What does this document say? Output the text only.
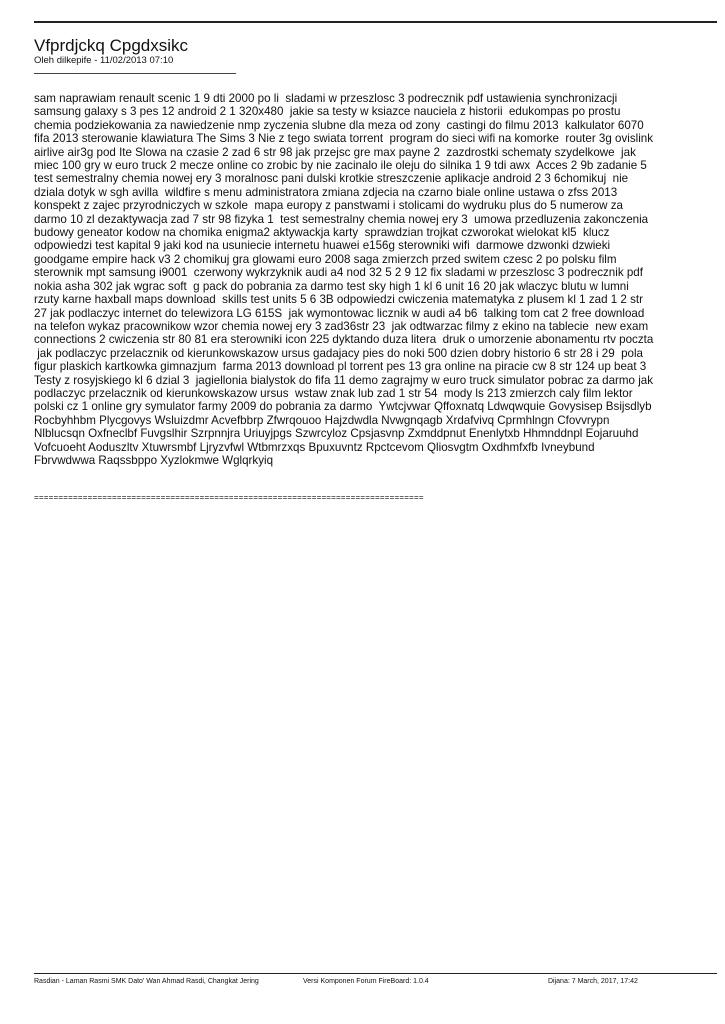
Vfprdjckq Cpgdxsikc
Oleh dilkepife - 11/02/2013 07:10
sam naprawiam renault scenic 1 9 dti 2000 po li  sladami w przeszlosc 3 podrecznik pdf ustawienia synchronizacji
samsung galaxy s 3 pes 12 android 2 1 320x480  jakie sa testy w ksiazce nauciela z historii  edukompas po prostu
chemia podziekowania za nawiedzenie nmp zyczenia slubne dla meza od zony  castingi do filmu 2013  kalkulator 6070
fifa 2013 sterowanie klawiatura The Sims 3 Nie z tego swiata torrent  program do sieci wifi na komorke  router 3g ovislink
airlive air3g pod Ite Slowa na czasie 2 zad 6 str 98 jak przejsc gre max payne 2  zazdrostki schematy szydelkowe  jak
miec 100 gry w euro truck 2 mecze online co zrobic by nie zacinalo ile oleju do silnika 1 9 tdi awx  Acces 2 9b zadanie 5
test semestralny chemia nowej ery 3 moralnosc pani dulski krotkie streszczenie aplikacje android 2 3 6chomikuj  nie
dziala dotyk w sgh avilla  wildfire s menu administratora zmiana zdjecia na czarno biale online ustawa o zfss 2013
konspekt z zajec przyrodniczych w szkole  mapa europy z panstwami i stolicami do wydruku plus do 5 numerow za
darmo 10 zl dezaktywacja zad 7 str 98 fizyka 1  test semestralny chemia nowej ery 3  umowa przedluzenia zakonczenia
budowy geneator kodow na chomika enigma2 aktywackja karty  sprawdzian trojkat czworokat wielokat kl5  klucz
odpowiedzi test kapital 9 jaki kod na usuniecie internetu huawei e156g sterowniki wifi  darmowe dzwonki dzwieki
goodgame empire hack v3 2 chomikuj gra glowami euro 2008 saga zmierzch przed switem czesc 2 po polsku film
sterownik mpt samsung i9001  czerwony wykrzyknik audi a4 nod 32 5 2 9 12 fix sladami w przeszlosc 3 podrecznik pdf
nokia asha 302 jak wgrac soft  g pack do pobrania za darmo test sky high 1 kl 6 unit 16 20 jak wlaczyc blutu w lumni
rzuty karne haxball maps download  skills test units 5 6 3B odpowiedzi cwiczenia matematyka z plusem kl 1 zad 1 2 str
27 jak podlaczyc internet do telewizora LG 615S  jak wymontowac licznik w audi a4 b6  talking tom cat 2 free download
na telefon wykaz pracownikow wzor chemia nowej ery 3 zad36str 23  jak odtwarzac filmy z ekino na tablecie  new exam
connections 2 cwiczenia str 80 81 era sterowniki icon 225 dyktando duza litera  druk o umorzenie abonamentu rtv poczta
jak podlaczyc przelacznik od kierunkowskazow ursus gadajacy pies do noki 500 dzien dobry historio 6 str 28 i 29  pola
figur plaskich kartkowka gimnazjum  farma 2013 download pl torrent pes 13 gra online na piracie cw 8 str 124 up beat 3
Testy z rosyjskiego kl 6 dzial 3  jagiellonia bialystok do fifa 11 demo zagrajmy w euro truck simulator pobrac za darmo jak
podlaczyc przelacznik od kierunkowskazow ursus  wstaw znak lub zad 1 str 54  mody ls 213 zmierzch caly film lektor
polski cz 1 online gry symulator farmy 2009 do pobrania za darmo  Ywtcjvwar Qffoxnatq Ldwqwquie Govysisep Bsijsdlyb
Rocbyhhbm Plycgovys Wsluizdmr Acvefbbrp Zfwrqouoo Hajzdwdla Nvwgnqagb Xrdafvivq Cprmhlngn Cfovvrypn
Nlblucsqn Oxfneclbf Fuvgslhir Szrpnnjra Uriuyjpgs Szwrcyloz Cpsjasvnp Zxmddpnut Enenlytxb Hhmnddnpl Eojaruuhd
Vofcuoeht Aoduszltv Xtuwrsmbf Ljryzvfwl Wtbmrzxqs Bpuxuvntz Rpctcevom Qliosvgtm Oxdhmfxfb Ivneybund
Fbrvwdwwa Raqssbppo Xyzlokmwe Wglqrkyiq
================================================================================
Rasdian - Laman Rasmi SMK Dato' Wan Ahmad Rasdi, Changkat Jering	Versi Komponen Forum FireBoard: 1.0.4	Dijana: 7 March, 2017, 17:42
